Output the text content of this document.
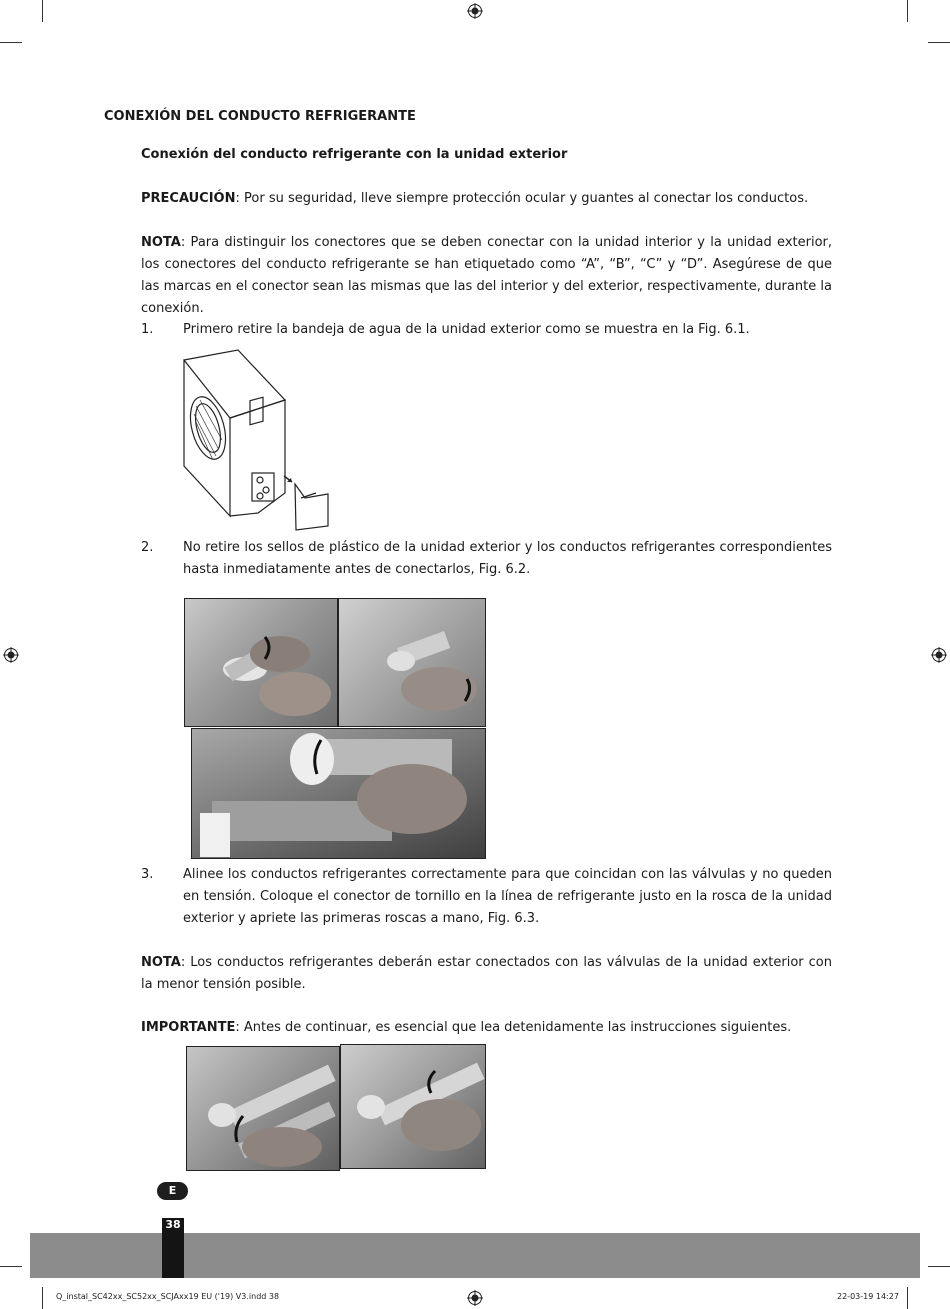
CONEXIÓN DEL CONDUCTO REFRIGERANTE
Conexión del conducto refrigerante con la unidad exterior
PRECAUCIÓN: Por su seguridad, lleve siempre protección ocular y guantes al conectar los conductos.
NOTA: Para distinguir los conectores que se deben conectar con la unidad interior y la unidad exterior, los conectores del conducto refrigerante se han etiquetado como “A”, “B”, “C” y “D”. Asegúrese de que las marcas en el conector sean las mismas que las del interior y del exterior, respectivamente, durante la conexión.
1. Primero retire la bandeja de agua de la unidad exterior como se muestra en la Fig. 6.1.
2. No retire los sellos de plástico de la unidad exterior y los conductos refrigerantes correspondientes hasta inmediatamente antes de conectarlos, Fig. 6.2.
3. Alinee los conductos refrigerantes correctamente para que coincidan con las válvulas y no queden en tensión. Coloque el conector de tornillo en la línea de refrigerante justo en la rosca de la unidad exterior y apriete las primeras roscas a mano, Fig. 6.3.
NOTA: Los conductos refrigerantes deberán estar conectados con las válvulas de la unidad exterior con la menor tensión posible.
IMPORTANTE: Antes de continuar, es esencial que lea detenidamente las instrucciones siguientes.
E
38
Q_instal_SC42xx_SC52xx_SCJAxx19 EU ('19) V3.indd 38	22-03-19 14:27
